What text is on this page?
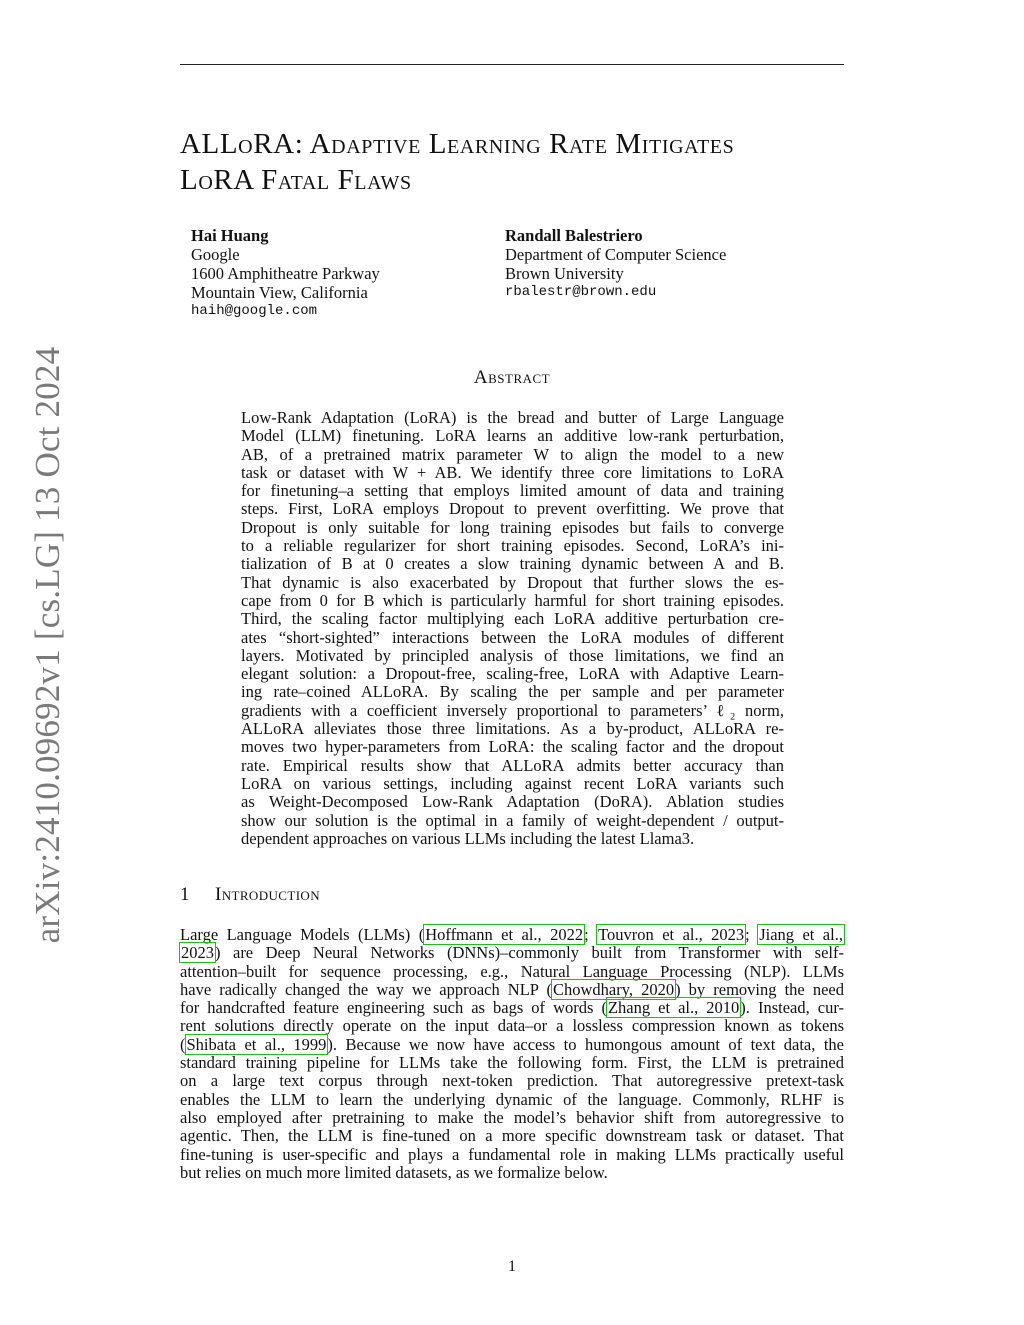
arXiv:2410.09692v1 [cs.LG] 13 Oct 2024
ALLoRA: Adaptive Learning Rate Mitigates
LoRA Fatal Flaws
Hai Huang
Google
1600 Amphitheatre Parkway
Mountain View, California
haih@google.com
Randall Balestriero
Department of Computer Science
Brown University
rbalestr@brown.edu
Abstract
Low-Rank Adaptation (LoRA) is the bread and butter of Large Language
Model (LLM) finetuning. LoRA learns an additive low-rank perturbation,
AB, of a pretrained matrix parameter W to align the model to a new
task or dataset with W + AB. We identify three core limitations to LoRA
for finetuning–a setting that employs limited amount of data and training
steps. First, LoRA employs Dropout to prevent overfitting. We prove that
Dropout is only suitable for long training episodes but fails to converge
to a reliable regularizer for short training episodes. Second, LoRA’s ini-
tialization of B at 0 creates a slow training dynamic between A and B.
That dynamic is also exacerbated by Dropout that further slows the es-
cape from 0 for B which is particularly harmful for short training episodes.
Third, the scaling factor multiplying each LoRA additive perturbation cre-
ates “short-sighted” interactions between the LoRA modules of different
layers. Motivated by principled analysis of those limitations, we find an
elegant solution: a Dropout-free, scaling-free, LoRA with Adaptive Learn-
ing rate–coined ALLoRA. By scaling the per sample and per parameter
gradients with a coefficient inversely proportional to parameters’ ℓ₂ norm,
ALLoRA alleviates those three limitations. As a by-product, ALLoRA re-
moves two hyper-parameters from LoRA: the scaling factor and the dropout
rate. Empirical results show that ALLoRA admits better accuracy than
LoRA on various settings, including against recent LoRA variants such
as Weight-Decomposed Low-Rank Adaptation (DoRA). Ablation studies
show our solution is the optimal in a family of weight-dependent / output-
dependent approaches on various LLMs including the latest Llama3.
1 Introduction
Large Language Models (LLMs) (Hoffmann et al., 2022; Touvron et al., 2023; Jiang et al.,
2023) are Deep Neural Networks (DNNs)–commonly built from Transformer with self-
attention–built for sequence processing, e.g., Natural Language Processing (NLP). LLMs
have radically changed the way we approach NLP (Chowdhary, 2020) by removing the need
for handcrafted feature engineering such as bags of words (Zhang et al., 2010). Instead, cur-
rent solutions directly operate on the input data–or a lossless compression known as tokens
(Shibata et al., 1999). Because we now have access to humongous amount of text data, the
standard training pipeline for LLMs take the following form. First, the LLM is pretrained
on a large text corpus through next-token prediction. That autoregressive pretext-task
enables the LLM to learn the underlying dynamic of the language. Commonly, RLHF is
also employed after pretraining to make the model’s behavior shift from autoregressive to
agentic. Then, the LLM is fine-tuned on a more specific downstream task or dataset. That
fine-tuning is user-specific and plays a fundamental role in making LLMs practically useful
but relies on much more limited datasets, as we formalize below.
1
